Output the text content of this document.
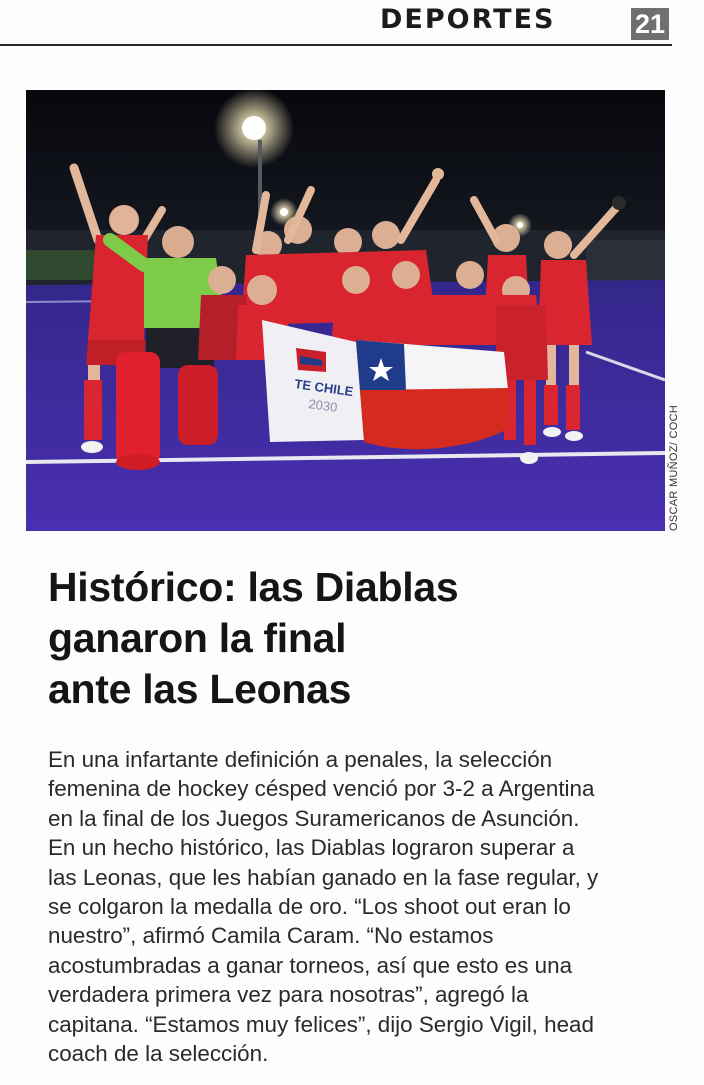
DEPORTES	21
TE CHILE
2030	OSCAR MUÑOZ/ COCH
Histórico: las Diablas
ganaron la final
ante las Leonas

En una infartante definición a penales, la selección
femenina de hockey césped venció por 3-2 a Argentina
en la final de los Juegos Suramericanos de Asunción.
En un hecho histórico, las Diablas lograron superar a
las Leonas, que les habían ganado en la fase regular, y
se colgaron la medalla de oro. “Los shoot out eran lo
nuestro”, afirmó Camila Caram. “No estamos
acostumbradas a ganar torneos, así que esto es una
verdadera primera vez para nosotras”, agregó la
capitana. “Estamos muy felices”, dijo Sergio Vigil, head
coach de la selección.
